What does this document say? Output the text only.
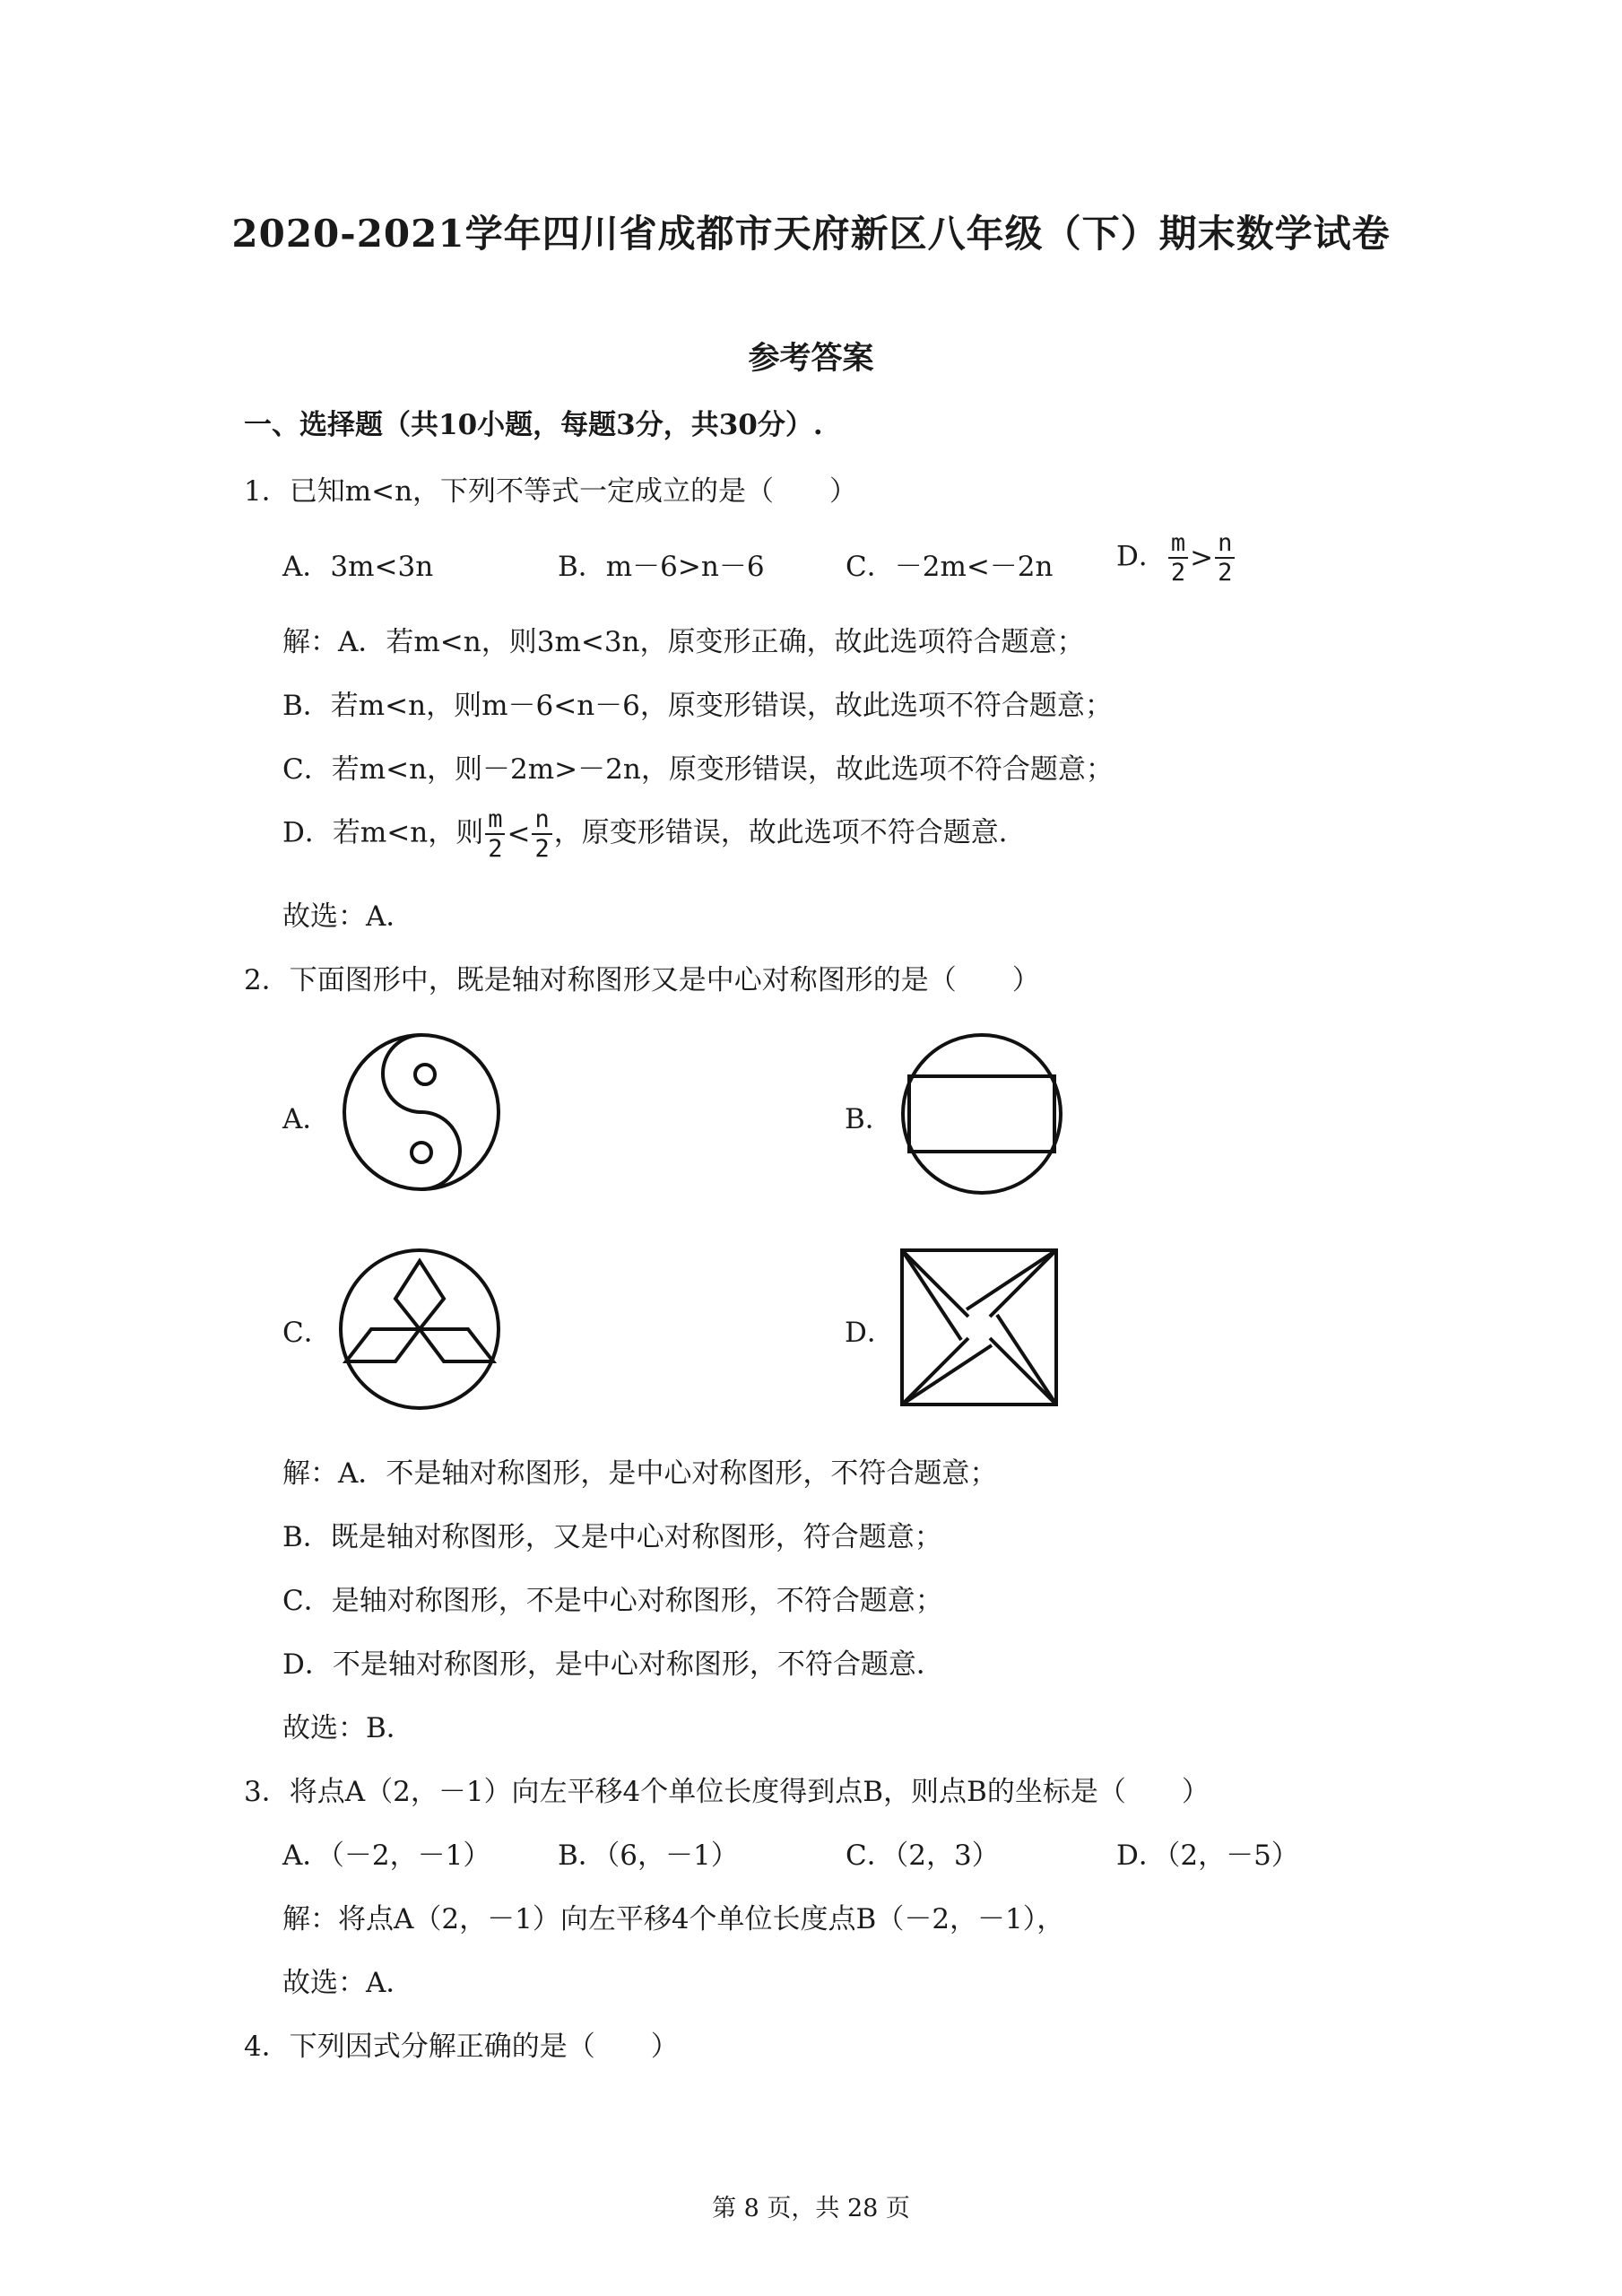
2020-2021学年四川省成都市天府新区八年级（下）期末数学试卷
参考答案
一、选择题（共10小题，每题3分，共30分）.
1．已知m<n，下列不等式一定成立的是（　　）
A．3m<3n	B．m－6>n－6	C．－2m<－2n D． $\frac{m}{2} > \frac{n}{2}$
解：A．若m<n，则3m<3n，原变形正确，故此选项符合题意；
B．若m<n，则m－6<n－6，原变形错误，故此选项不符合题意；
C．若m<n，则－2m>－2n，原变形错误，故此选项不符合题意；
D．若m<n，则 $\frac{m}{2} < \frac{n}{2}$ ，原变形错误，故此选项不符合题意．
故选：A．
2．下面图形中，既是轴对称图形又是中心对称图形的是（　　）
A．	B．
C．	D．
解：A．不是轴对称图形，是中心对称图形，不符合题意；
B．既是轴对称图形，又是中心对称图形，符合题意；
C．是轴对称图形，不是中心对称图形，不符合题意；
D．不是轴对称图形，是中心对称图形，不符合题意．
故选：B．
3．将点A（2，－1）向左平移4个单位长度得到点B，则点B的坐标是（　　）
A．（－2，－1） B．（6，－1）	C．（2，3）	D．（2，－5）
解：将点A（2，－1）向左平移4个单位长度点B（－2，－1），
故选：A．
4．下列因式分解正确的是（　　）
第 8 页，共 28 页
